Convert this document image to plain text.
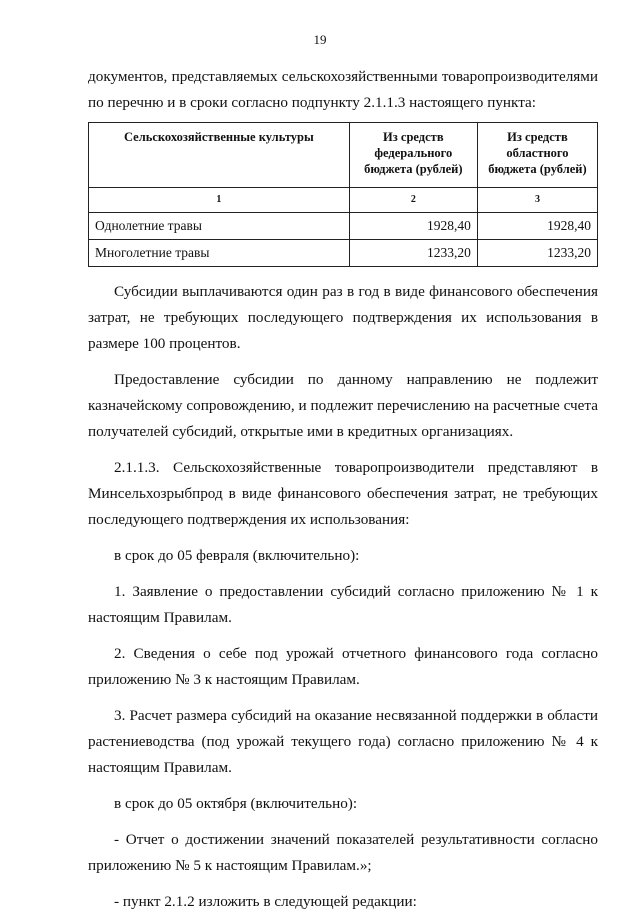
19

документов, представляемых сельскохозяйственными товаропроизводителями по перечню и в сроки согласно подпункту 2.1.1.3 настоящего пункта:

Сельскохозяйственные культуры	Из средств федерального бюджета (рублей)	Из средств областного бюджета (рублей)
1	2	3
Однолетние травы	1928,40	1928,40
Многолетние травы	1233,20	1233,20

Субсидии выплачиваются один раз в год в виде финансового обеспечения затрат, не требующих последующего подтверждения их использования в размере 100 процентов.

Предоставление субсидии по данному направлению не подлежит казначейскому сопровождению, и подлежит перечислению на расчетные счета получателей субсидий, открытые ими в кредитных организациях.

2.1.1.3. Сельскохозяйственные товаропроизводители представляют в Минсельхозрыбпрод в виде финансового обеспечения затрат, не требующих последующего подтверждения их использования:

в срок до 05 февраля (включительно):

1. Заявление о предоставлении субсидий согласно приложению № 1 к настоящим Правилам.

2. Сведения о себе под урожай отчетного финансового года согласно приложению № 3 к настоящим Правилам.

3. Расчет размера субсидий на оказание несвязанной поддержки в области растениеводства (под урожай текущего года) согласно приложению № 4 к настоящим Правилам.

в срок до 05 октября (включительно):

- Отчет о достижении значений показателей результативности согласно приложению № 5 к настоящим Правилам.»;

- пункт 2.1.2 изложить в следующей редакции:
